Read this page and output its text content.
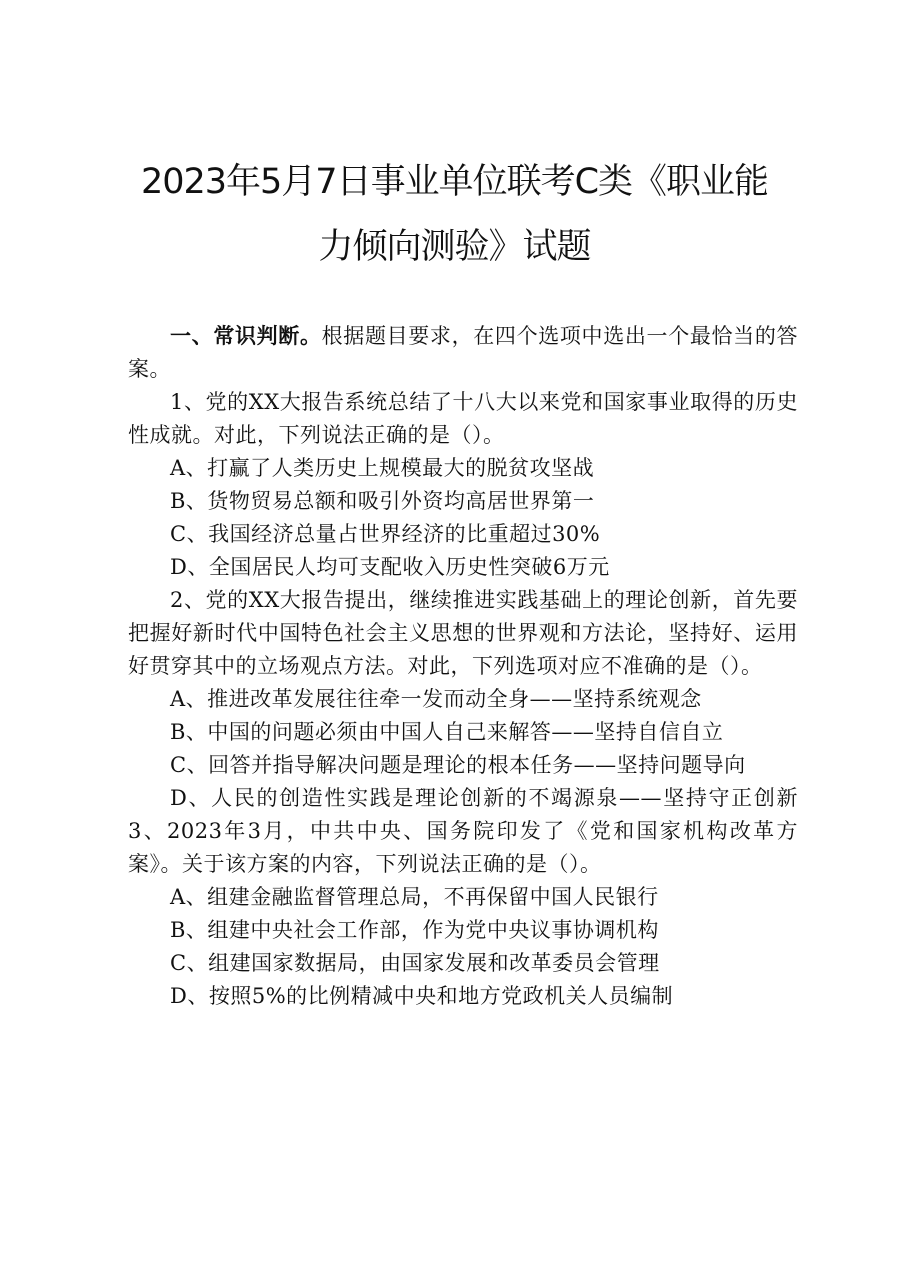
2023年5月7日事业单位联考C类《职业能
力倾向测验》试题

一、常识判断。根据题目要求，在四个选项中选出一个最恰当的答案。

1、党的XX大报告系统总结了十八大以来党和国家事业取得的历史性成就。对此，下列说法正确的是（）。

A、打赢了人类历史上规模最大的脱贫攻坚战

B、货物贸易总额和吸引外资均高居世界第一

C、我国经济总量占世界经济的比重超过30%

D、全国居民人均可支配收入历史性突破6万元

2、党的XX大报告提出，继续推进实践基础上的理论创新，首先要把握好新时代中国特色社会主义思想的世界观和方法论，坚持好、运用好贯穿其中的立场观点方法。对此，下列选项对应不准确的是（）。

A、推进改革发展往往牵一发而动全身——坚持系统观念

B、中国的问题必须由中国人自己来解答——坚持自信自立

C、回答并指导解决问题是理论的根本任务——坚持问题导向

D、人民的创造性实践是理论创新的不竭源泉——坚持守正创新3、2023年3月，中共中央、国务院印发了《党和国家机构改革方案》。关于该方案的内容，下列说法正确的是（）。

A、组建金融监督管理总局，不再保留中国人民银行

B、组建中央社会工作部，作为党中央议事协调机构

C、组建国家数据局，由国家发展和改革委员会管理

D、按照5%的比例精减中央和地方党政机关人员编制
